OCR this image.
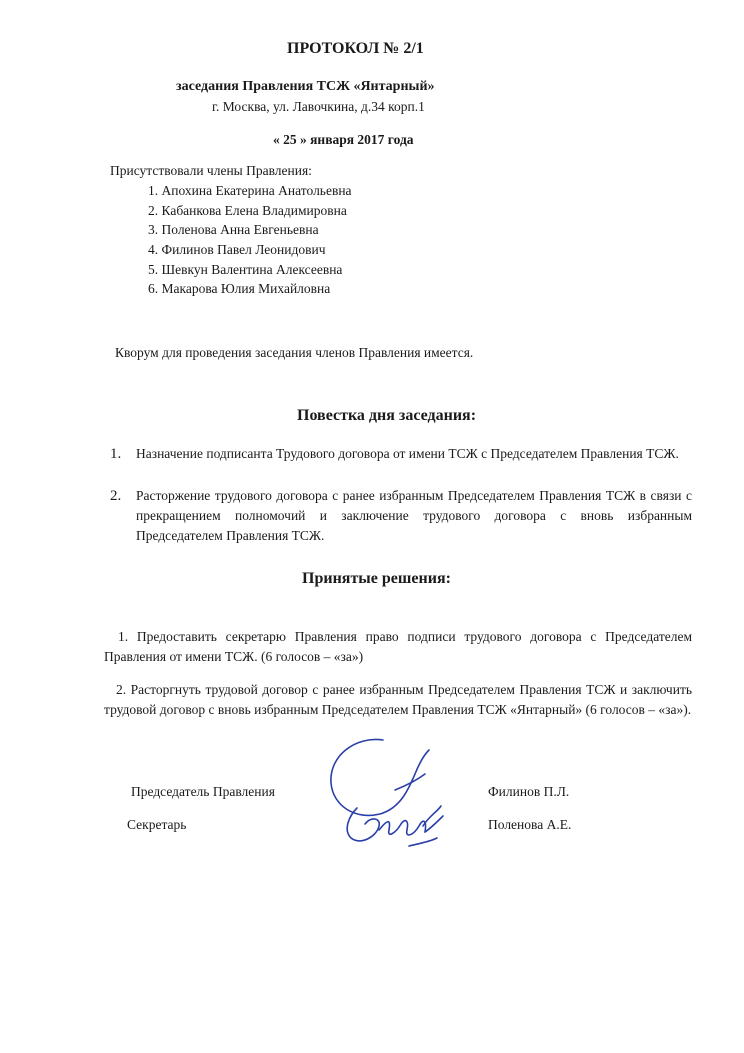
ПРОТОКОЛ № 2/1
заседания Правления ТСЖ «Янтарный»
г. Москва, ул. Лавочкина, д.34 корп.1
« 25 » января 2017 года
Присутствовали члены Правления:
1. Апохина Екатерина Анатольевна
2. Кабанкова Елена Владимировна
3. Поленова Анна Евгеньевна
4. Филинов Павел Леонидович
5. Шевкун Валентина Алексеевна
6. Макарова Юлия Михайловна
Кворум для проведения заседания членов Правления имеется.
Повестка дня заседания:
1. Назначение подписанта Трудового договора от имени ТСЖ с Председателем Правления ТСЖ.
2. Расторжение трудового договора с ранее избранным Председателем Правления ТСЖ в связи с прекращением полномочий и заключение трудового договора с вновь избранным Председателем Правления ТСЖ.
Принятые решения:
1. Предоставить секретарю Правления право подписи трудового договора с Председателем Правления от имени ТСЖ. (6 голосов – «за»)
2. Расторгнуть трудовой договор с ранее избранным Председателем Правления ТСЖ и заключить трудовой договор с вновь избранным Председателем Правления ТСЖ «Янтарный» (6 голосов – «за»).
Председатель Правления	Филинов П.Л.
Секретарь	Поленова А.Е.
